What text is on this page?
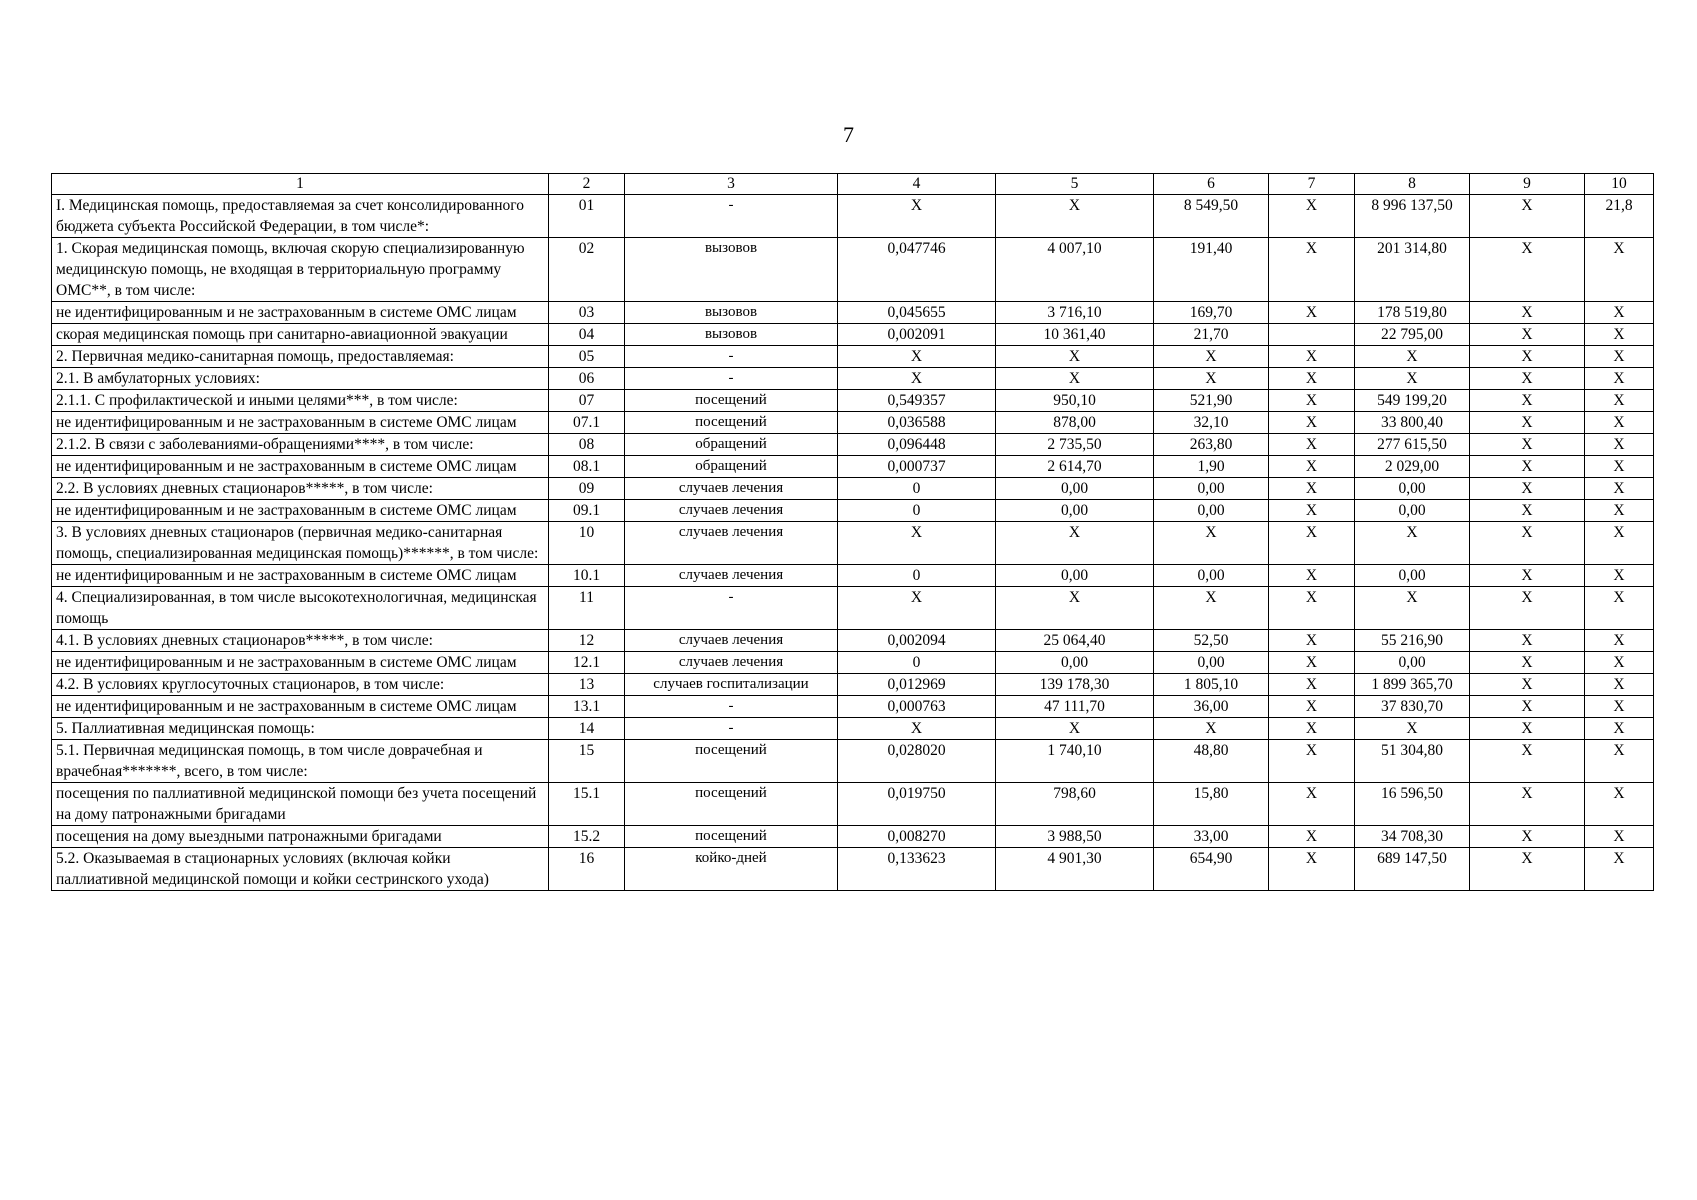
7
1	2	3	4	5	6	7	8	9	10
I. Медицинская помощь, предоставляемая за счет консолидированного бюджета субъекта Российской Федерации, в том числе*:	01	-	X	X	8 549,50	X	8 996 137,50	X	21,8
1. Скорая медицинская помощь, включая скорую специализированную медицинскую помощь, не входящая в территориальную программу ОМС**, в том числе:	02	вызовов	0,047746	4 007,10	191,40	X	201 314,80	X	X
не идентифицированным и не застрахованным в системе ОМС лицам	03	вызовов	0,045655	3 716,10	169,70	X	178 519,80	X	X
скорая медицинская помощь при санитарно-авиационной эвакуации	04	вызовов	0,002091	10 361,40	21,70		22 795,00	X	X
2. Первичная медико-санитарная помощь, предоставляемая:	05	-	X	X	X	X	X	X	X
2.1. В амбулаторных условиях:	06	-	X	X	X	X	X	X	X
2.1.1. С профилактической и иными целями***, в том числе:	07	посещений	0,549357	950,10	521,90	X	549 199,20	X	X
не идентифицированным и не застрахованным в системе ОМС лицам	07.1	посещений	0,036588	878,00	32,10	X	33 800,40	X	X
2.1.2. В связи с заболеваниями-обращениями****, в том числе:	08	обращений	0,096448	2 735,50	263,80	X	277 615,50	X	X
не идентифицированным и не застрахованным в системе ОМС лицам	08.1	обращений	0,000737	2 614,70	1,90	X	2 029,00	X	X
2.2. В условиях дневных стационаров*****, в том числе:	09	случаев лечения	0	0,00	0,00	X	0,00	X	X
не идентифицированным и не застрахованным в системе ОМС лицам	09.1	случаев лечения	0	0,00	0,00	X	0,00	X	X
3. В условиях дневных стационаров (первичная медико-санитарная помощь, специализированная медицинская помощь)******, в том числе:	10	случаев лечения	X	X	X	X	X	X	X
не идентифицированным и не застрахованным в системе ОМС лицам	10.1	случаев лечения	0	0,00	0,00	X	0,00	X	X
4. Специализированная, в том числе высокотехнологичная, медицинская помощь	11	-	X	X	X	X	X	X	X
4.1. В условиях дневных стационаров*****, в том числе:	12	случаев лечения	0,002094	25 064,40	52,50	X	55 216,90	X	X
не идентифицированным и не застрахованным в системе ОМС лицам	12.1	случаев лечения	0	0,00	0,00	X	0,00	X	X
4.2. В условиях круглосуточных стационаров, в том числе:	13	случаев госпитализации	0,012969	139 178,30	1 805,10	X	1 899 365,70	X	X
не идентифицированным и не застрахованным в системе ОМС лицам	13.1	-	0,000763	47 111,70	36,00	X	37 830,70	X	X
5. Паллиативная медицинская помощь:	14	-	X	X	X	X	X	X	X
5.1. Первичная медицинская помощь, в том числе доврачебная и врачебная*******, всего, в том числе:	15	посещений	0,028020	1 740,10	48,80	X	51 304,80	X	X
посещения по паллиативной медицинской помощи без учета посещений на дому патронажными бригадами	15.1	посещений	0,019750	798,60	15,80	X	16 596,50	X	X
посещения на дому выездными патронажными бригадами	15.2	посещений	0,008270	3 988,50	33,00	X	34 708,30	X	X
5.2. Оказываемая в стационарных условиях (включая койки паллиативной медицинской помощи и койки сестринского ухода)	16	койко-дней	0,133623	4 901,30	654,90	X	689 147,50	X	X
